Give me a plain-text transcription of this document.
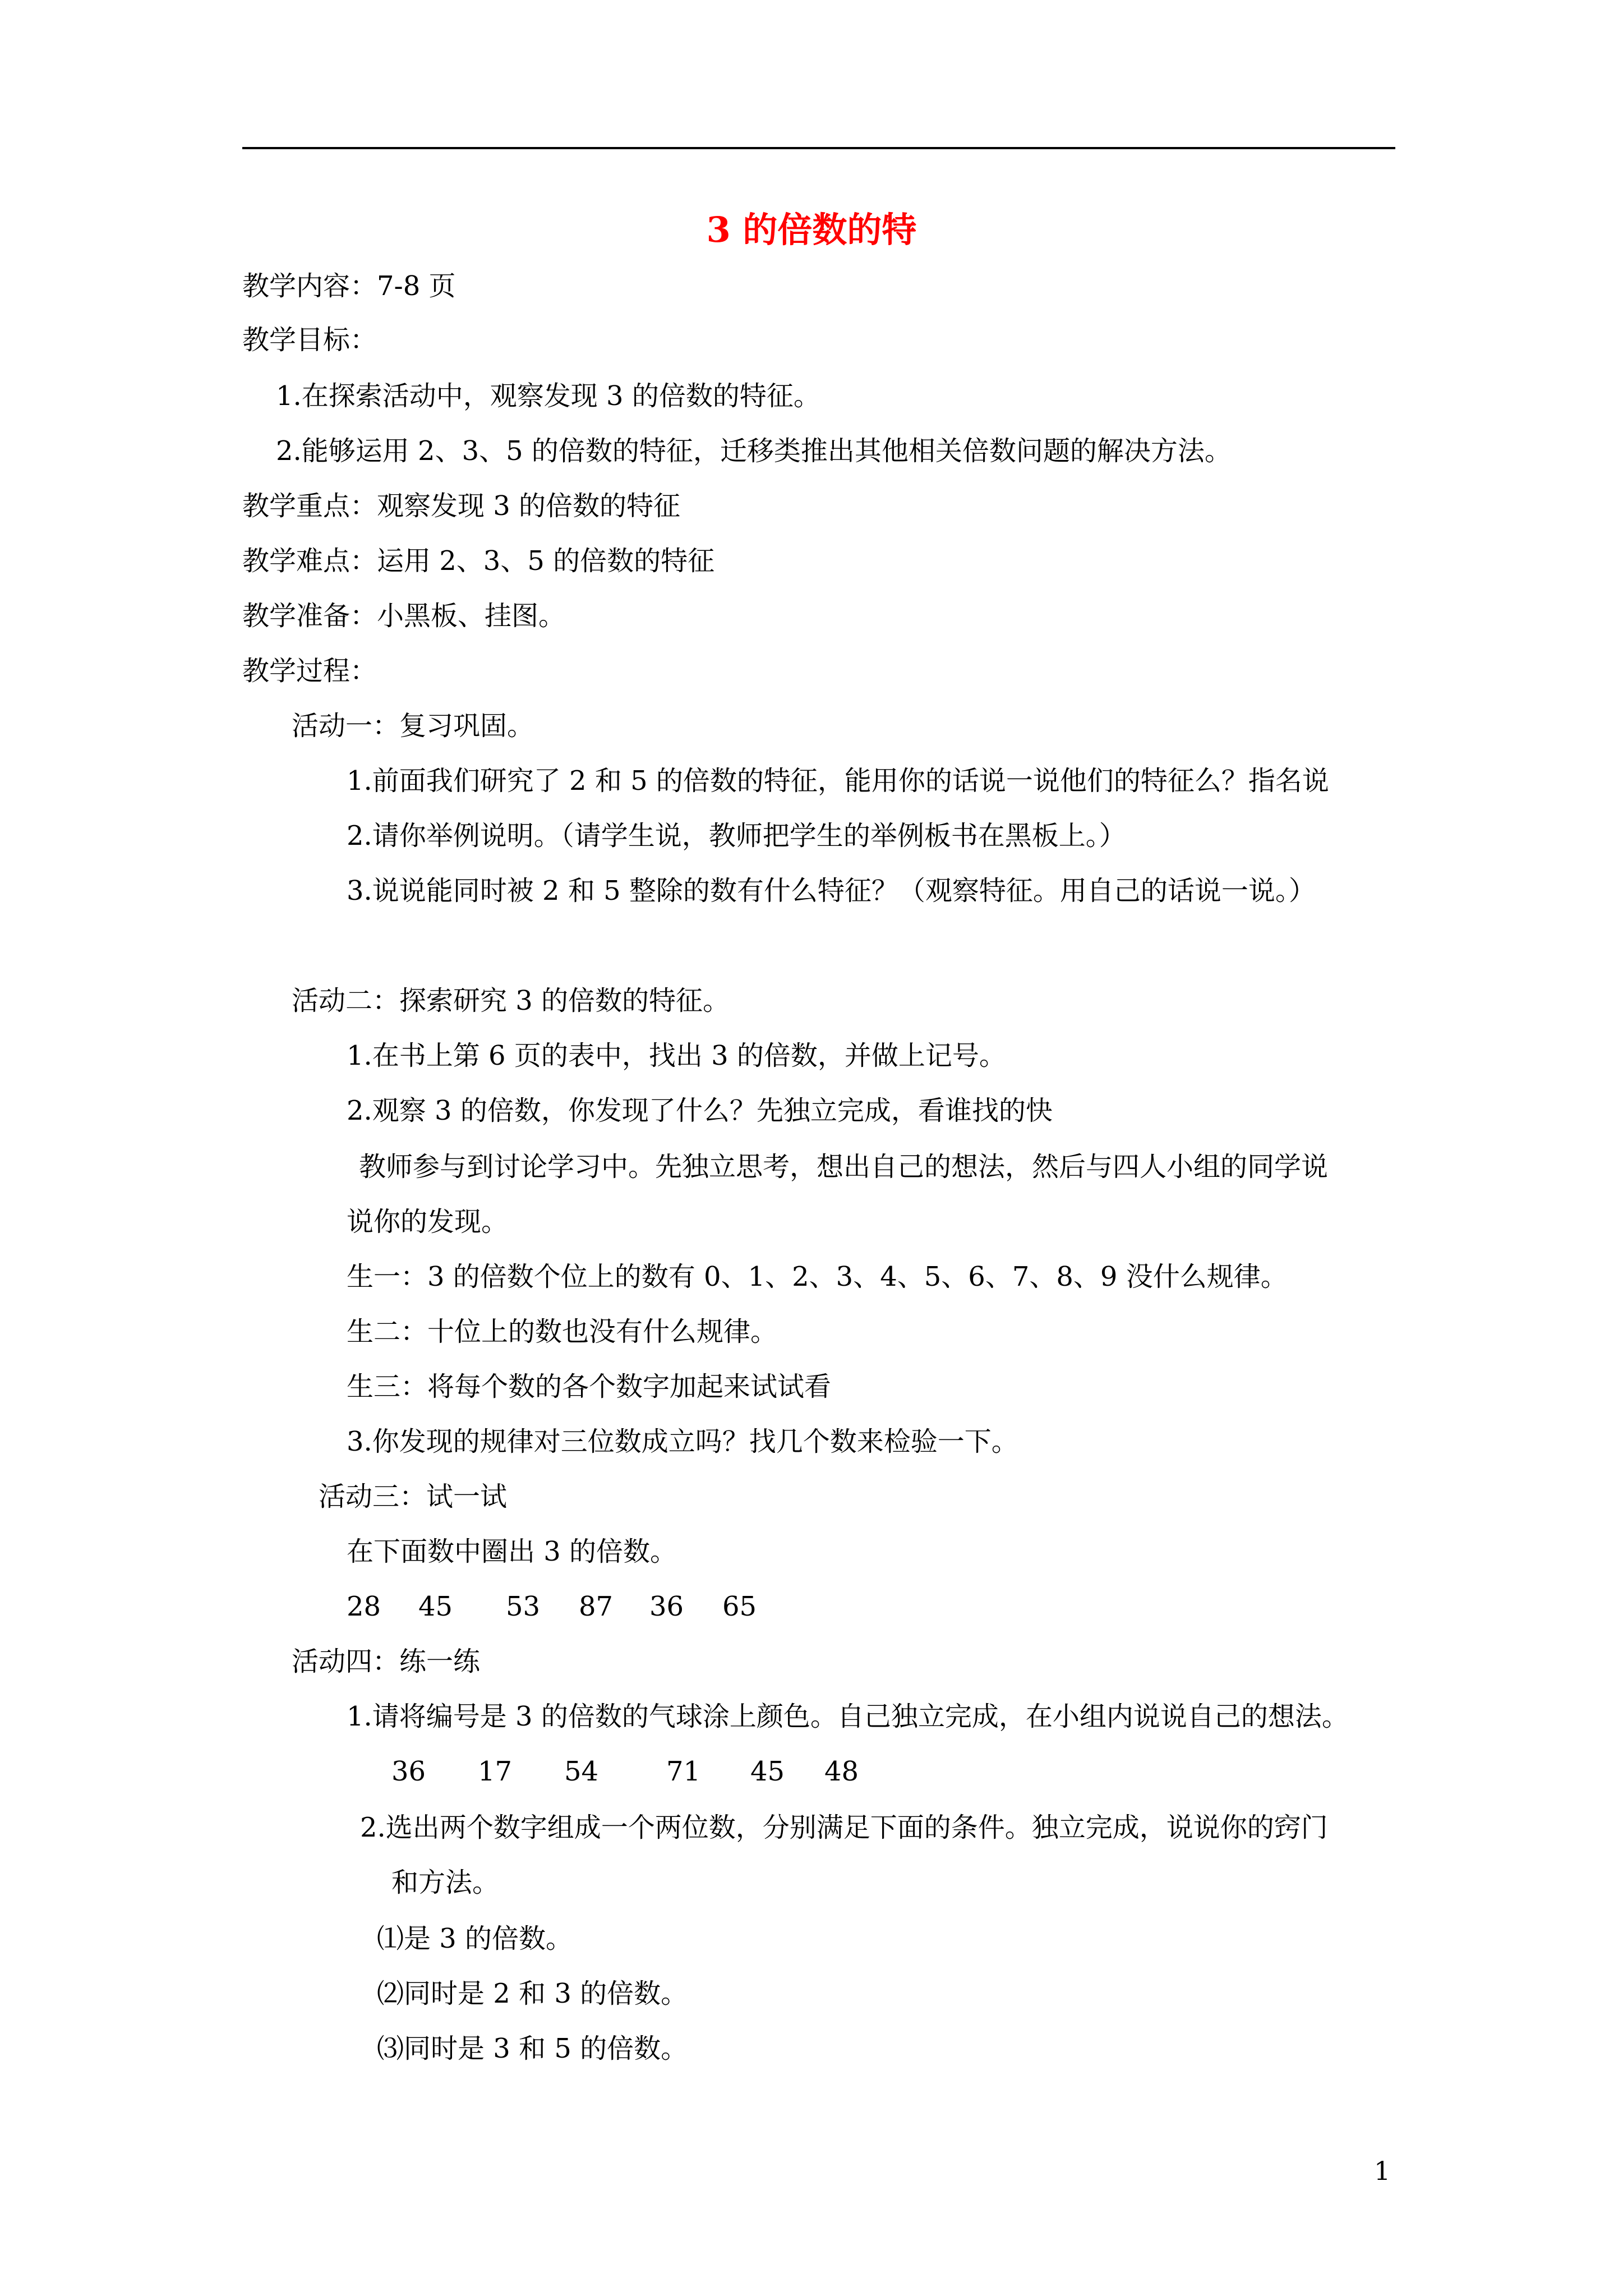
3 的倍数的特
教学内容：7-8 页
教学目标：
1.在探索活动中，观察发现 3 的倍数的特征。
2.能够运用 2、3、5 的倍数的特征，迁移类推出其他相关倍数问题的解决方法。
教学重点：观察发现 3 的倍数的特征
教学难点：运用 2、3、5 的倍数的特征
教学准备：小黑板、挂图。
教学过程：
活动一：复习巩固。
1.前面我们研究了 2 和 5 的倍数的特征，能用你的话说一说他们的特征么？指名说
2.请你举例说明。（请学生说，教师把学生的举例板书在黑板上。）
3.说说能同时被 2 和 5 整除的数有什么特征？（观察特征。用自己的话说一说。）
活动二：探索研究 3 的倍数的特征。
1.在书上第 6 页的表中，找出 3 的倍数，并做上记号。
2.观察 3 的倍数，你发现了什么？先独立完成，看谁找的快
教师参与到讨论学习中。先独立思考，想出自己的想法，然后与四人小组的同学说
说你的发现。
生一：3 的倍数个位上的数有 0、1、2、3、4、5、6、7、8、9 没什么规律。
生二：十位上的数也没有什么规律。
生三：将每个数的各个数字加起来试试看
3.你发现的规律对三位数成立吗？找几个数来检验一下。
活动三：试一试
在下面数中圈出 3 的倍数。
28 45 53 87 36 65
活动四：练一练
1.请将编号是 3 的倍数的气球涂上颜色。自己独立完成，在小组内说说自己的想法。
36 17 54	71 45 48
2.选出两个数字组成一个两位数，分别满足下面的条件。独立完成，说说你的窍门
和方法。
⑴是 3 的倍数。
⑵同时是 2 和 3 的倍数。
⑶同时是 3 和 5 的倍数。
1
